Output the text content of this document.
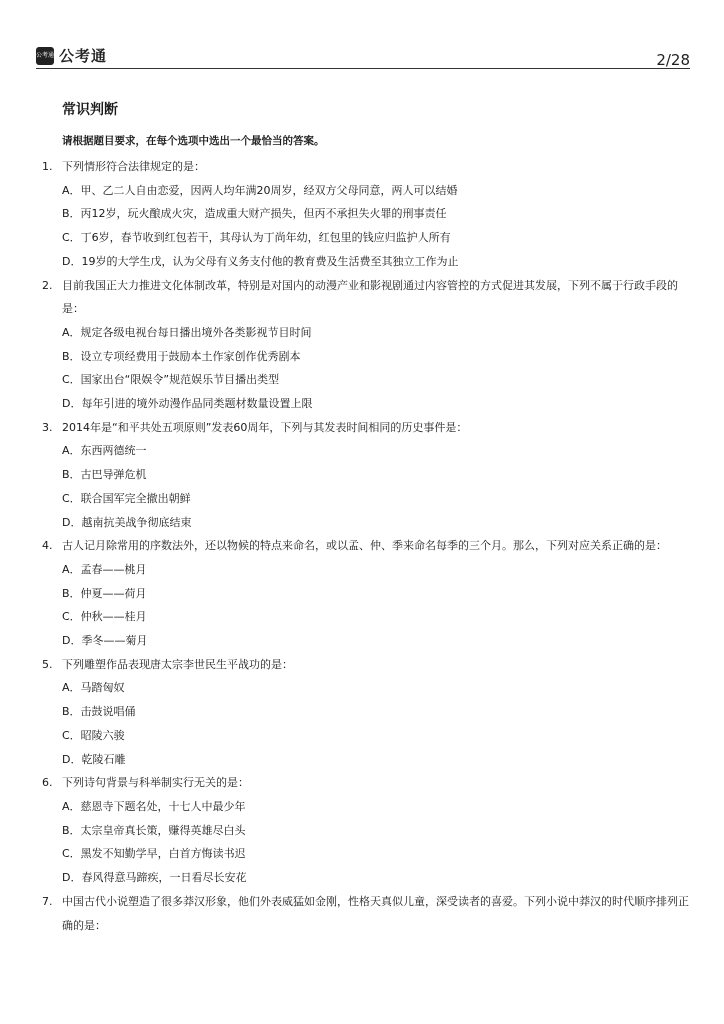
公考通 公考通	2/28
常识判断
请根据题目要求，在每个选项中选出一个最恰当的答案。
1. 下列情形符合法律规定的是：
A．甲、乙二人自由恋爱，因两人均年满20周岁，经双方父母同意，两人可以结婚
B．丙12岁，玩火酿成火灾，造成重大财产损失，但丙不承担失火罪的刑事责任
C．丁6岁，春节收到红包若干，其母认为丁尚年幼，红包里的钱应归监护人所有
D．19岁的大学生戊，认为父母有义务支付他的教育费及生活费至其独立工作为止
2. 目前我国正大力推进文化体制改革，特别是对国内的动漫产业和影视剧通过内容管控的方式促进其发展，下列不属于行政手段的是：
A．规定各级电视台每日播出境外各类影视节目时间
B．设立专项经费用于鼓励本土作家创作优秀剧本
C．国家出台“限娱令”规范娱乐节目播出类型
D．每年引进的境外动漫作品同类题材数量设置上限
3. 2014年是“和平共处五项原则”发表60周年，下列与其发表时间相同的历史事件是：
A．东西两德统一
B．古巴导弹危机
C．联合国军完全撤出朝鲜
D．越南抗美战争彻底结束
4. 古人记月除常用的序数法外，还以物候的特点来命名，或以孟、仲、季来命名每季的三个月。那么，下列对应关系正确的是：
A．孟春——桃月
B．仲夏——荷月
C．仲秋——桂月
D．季冬——菊月
5. 下列雕塑作品表现唐太宗李世民生平战功的是：
A．马踏匈奴
B．击鼓说唱俑
C．昭陵六骏
D．乾陵石雕
6. 下列诗句背景与科举制实行无关的是：
A．慈恩寺下题名处，十七人中最少年
B．太宗皇帝真长策，赚得英雄尽白头
C．黑发不知勤学早，白首方悔读书迟
D．春风得意马蹄疾，一日看尽长安花
7. 中国古代小说塑造了很多莽汉形象，他们外表威猛如金刚，性格天真似儿童，深受读者的喜爱。下列小说中莽汉的时代顺序排列正确的是：
